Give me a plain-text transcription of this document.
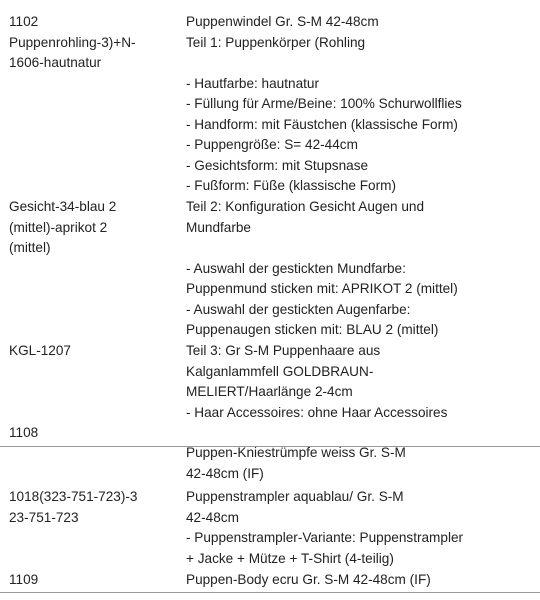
1102
Puppenrohling-3)+N-
1606-hautnatur
Puppenwindel Gr. S-M 42-48cm
Teil 1: Puppenkörper (Rohling
- Hautfarbe: hautnatur
- Füllung für Arme/Beine: 100% Schurwollflies
- Handform: mit Fäustchen (klassische Form)
- Puppengröße: S= 42-44cm
- Gesichtsform: mit Stupsnase
- Fußform: Füße (klassische Form)
Gesicht-34-blau 2
(mittel)-aprikot 2
(mittel)
Teil 2: Konfiguration Gesicht Augen und
Mundfarbe
- Auswahl der gestickten Mundfarbe:
Puppenmund sticken mit: APRIKOT 2 (mittel)
- Auswahl der gestickten Augenfarbe:
Puppenaugen sticken mit: BLAU 2 (mittel)
KGL-1207	Teil 3: Gr S-M Puppenhaare aus
Kalganlammfell GOLDBRAUN-
MELIERT/Haarlänge 2-4cm
- Haar Accessoires: ohne Haar Accessoires
1108
Puppen-Kniestrümpfe weiss Gr. S-M
42-48cm (IF)
1018(323-751-723)-3
23-751-723
Puppenstrampler aquablau/ Gr. S-M
42-48cm
- Puppenstrampler-Variante: Puppenstrampler
+ Jacke + Mütze + T-Shirt (4-teilig)
1109	Puppen-Body ecru Gr. S-M 42-48cm (IF)
